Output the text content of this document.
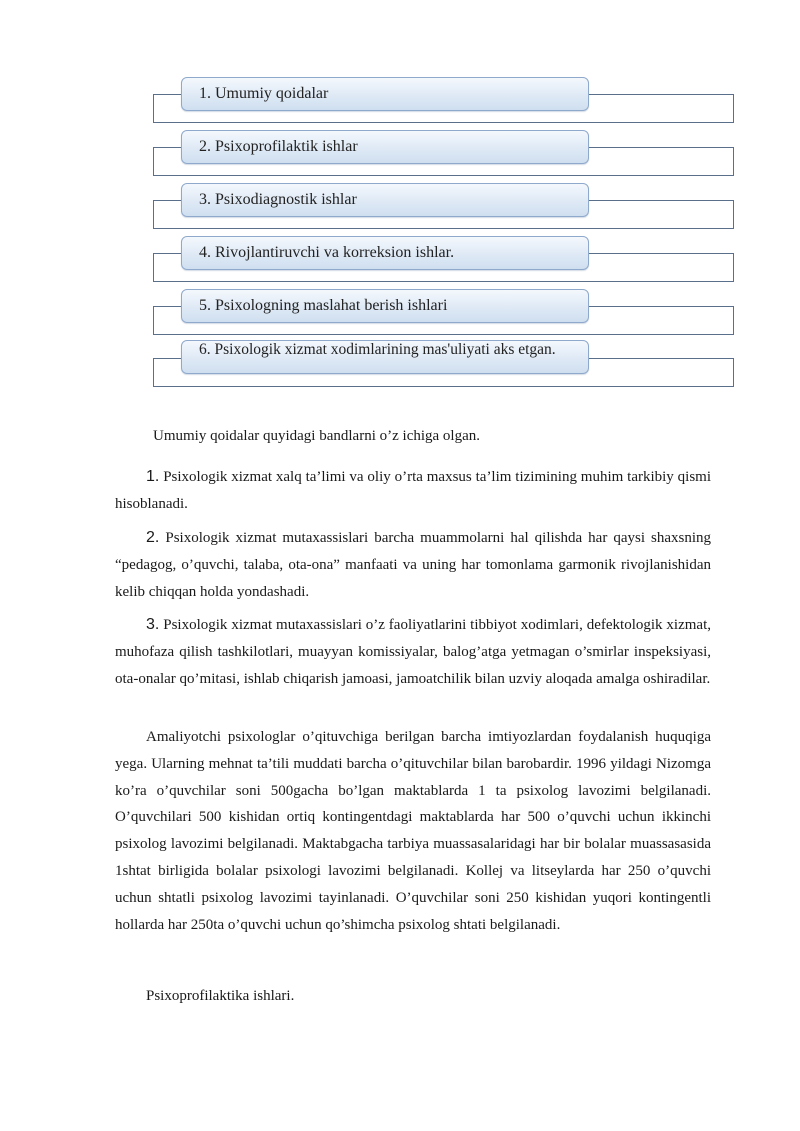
1. Umumiy qoidalar
2. Psixoprofilaktik ishlar
3. Psixodiagnostik ishlar
4. Rivojlantiruvchi va korreksion ishlar.
5. Psixologning maslahat berish ishlari
6. Psixologik xizmat xodimlarining mas'uliyati aks etgan.
Umumiy qoidalar quyidagi bandlarni o’z ichiga olgan.

1. Psixologik xizmat xalq ta’limi va oliy o’rta maxsus ta’lim tizimining muhim tarkibiy qismi hisoblanadi.

2. Psixologik xizmat mutaxassislari barcha muammolarni hal qilishda har qaysi shaxsning “pedagog, o’quvchi, talaba, ota-ona” manfaati va uning har tomonlama garmonik rivojlanishidan kelib chiqqan holda yondashadi.

3. Psixologik xizmat mutaxassislari o’z faoliyatlarini tibbiyot xodimlari, defektologik xizmat, muhofaza qilish tashkilotlari, muayyan komissiyalar, balog’atga yetmagan o’smirlar inspeksiyasi, ota-onalar qo’mitasi, ishlab chiqarish jamoasi, jamoatchilik bilan uzviy aloqada amalga oshiradilar.

Amaliyotchi psixologlar o’qituvchiga berilgan barcha imtiyozlardan foydalanish huquqiga yega. Ularning mehnat ta’tili muddati barcha o’qituvchilar bilan barobardir. 1996 yildagi Nizomga ko’ra o’quvchilar soni 500gacha bo’lgan maktablarda 1 ta psixolog lavozimi belgilanadi. O’quvchilari 500 kishidan ortiq kontingentdagi maktablarda har 500 o’quvchi uchun ikkinchi psixolog lavozimi belgilanadi. Maktabgacha tarbiya muassasalaridagi har bir bolalar muassasasida 1shtat birligida bolalar psixologi lavozimi belgilanadi. Kollej va litseylarda har 250 o’quvchi uchun shtatli psixolog lavozimi tayinlanadi. O’quvchilar soni 250 kishidan yuqori kontingentli hollarda har 250ta o’quvchi uchun qo’shimcha psixolog shtati belgilanadi.

Psixoprofilaktika ishlari.
